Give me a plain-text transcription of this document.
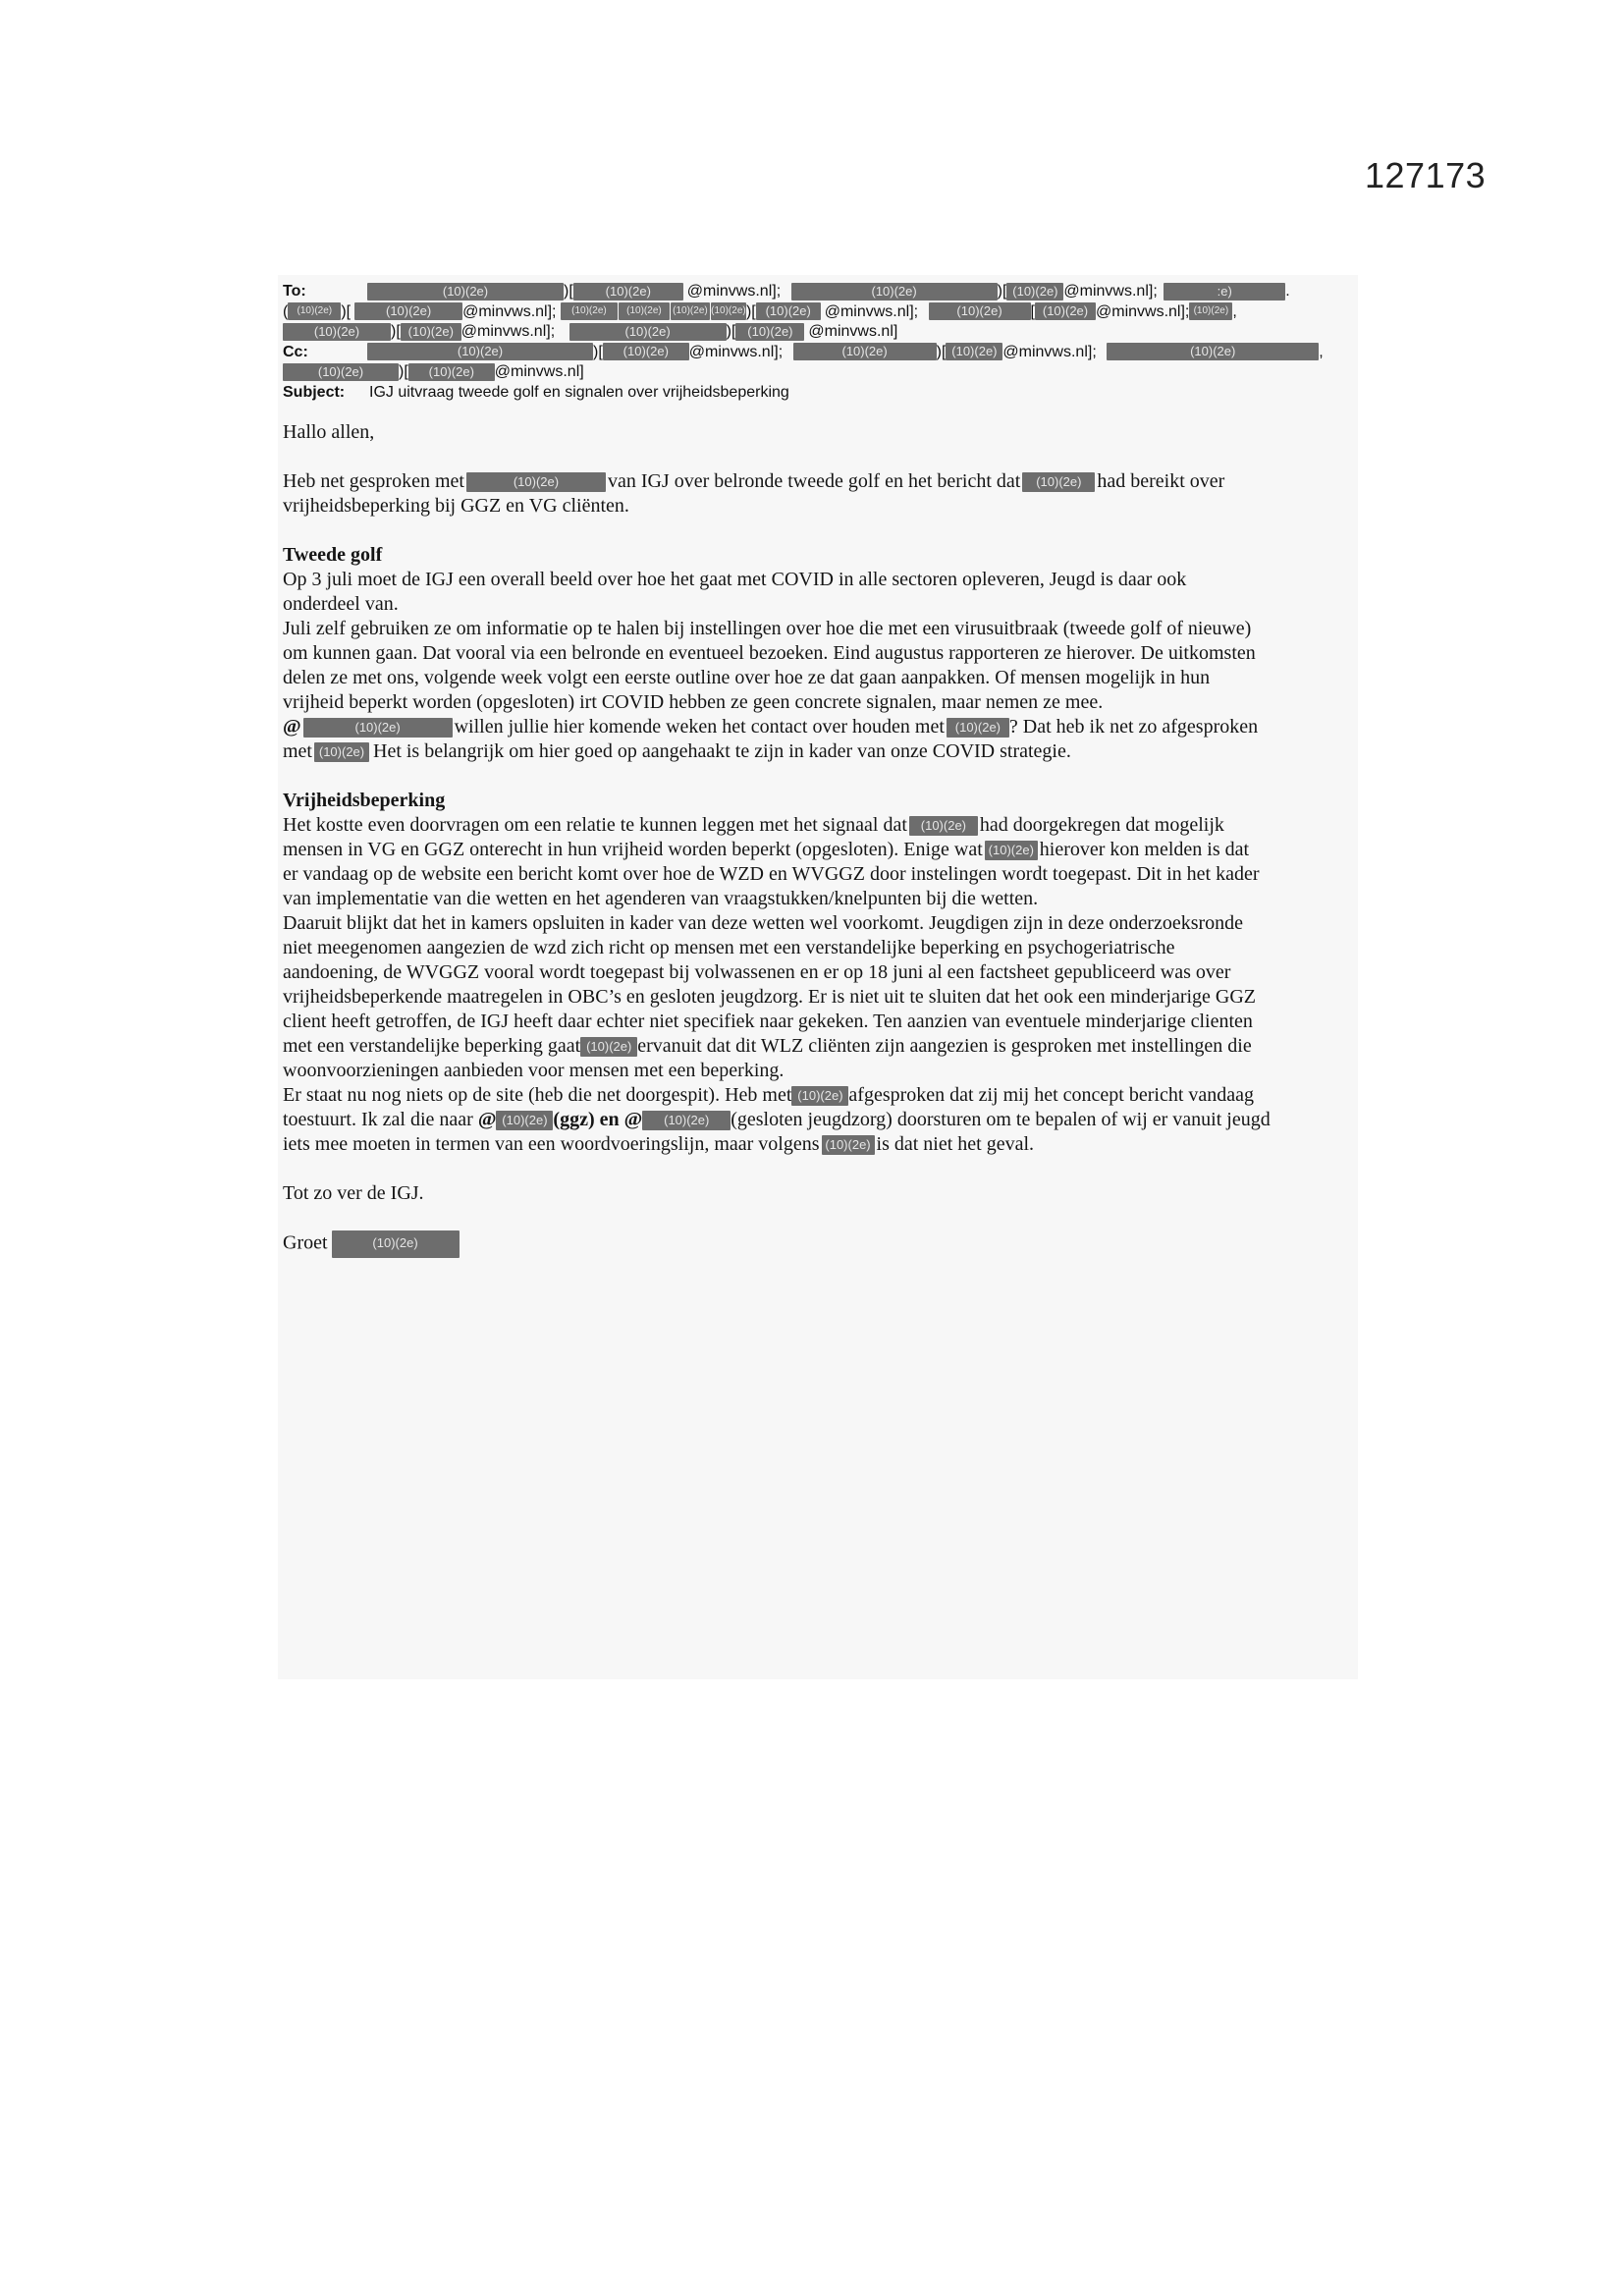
127173
To:	(10)(2e)	)[	(10)(2e) @minvws.nl];	(10)(2e)	)[ (10)(2e) @minvws.nl];	:e)	.
( (10)(2e) )[	(10)(2e) @minvws.nl]; (10)(2e) (10)(2e) (10)(2e) (10)(2e))[ (10)(2e) @minvws.nl];	(10)(2e) [ (10)(2e) @minvws.nl]; (10)(2e) ,
(10)(2e) )[ (10)(2e) @minvws.nl];	(10)(2e)	)[ (10)(2e) @minvws.nl]
Cc:	(10)(2e)	)[ (10)(2e) @minvws.nl];	(10)(2e)	)[ (10)(2e) @minvws.nl];	(10)(2e)	,
(10)(2e) )[ (10)(2e) @minvws.nl]
Subject: IGJ uitvraag tweede golf en signalen over vrijheidsbeperking

Hallo allen,

Heb net gesproken met	(10)(2e) van IGJ over belronde tweede golf en het bericht dat (10)(2e) had bereikt over

vrijheidsbeperking bij GGZ en VG cliënten.

Tweede golf

Op 3 juli moet de IGJ een overall beeld over hoe het gaat met COVID in alle sectoren opleveren, Jeugd is daar ook

onderdeel van.

Juli zelf gebruiken ze om informatie op te halen bij instellingen over hoe die met een virusuitbraak (tweede golf of nieuwe)

om kunnen gaan. Dat vooral via een belronde en eventueel bezoeken. Eind augustus rapporteren ze hierover. De uitkomsten

delen ze met ons, volgende week volgt een eerste outline over hoe ze dat gaan aanpakken. Of mensen mogelijk in hun

vrijheid beperkt worden (opgesloten) irt COVID hebben ze geen concrete signalen, maar nemen ze mee.

@	(10)(2e)	willen jullie hier komende weken het contact over houden met (10)(2e) ? Dat heb ik net zo afgesproken

met (10)(2e) Het is belangrijk om hier goed op aangehaakt te zijn in kader van onze COVID strategie.

Vrijheidsbeperking

Het kostte even doorvragen om een relatie te kunnen leggen met het signaal dat (10)(2e) had doorgekregen dat mogelijk

mensen in VG en GGZ onterecht in hun vrijheid worden beperkt (opgesloten). Enige wat (10)(2e) hierover kon melden is dat

er vandaag op de website een bericht komt over hoe de WZD en WVGGZ door instelingen wordt toegepast. Dit in het kader

van implementatie van die wetten en het agenderen van vraagstukken/knelpunten bij die wetten.

Daaruit blijkt dat het in kamers opsluiten in kader van deze wetten wel voorkomt. Jeugdigen zijn in deze onderzoeksronde

niet meegenomen aangezien de wzd zich richt op mensen met een verstandelijke beperking en psychogeriatrische

aandoening, de WVGGZ vooral wordt toegepast bij volwassenen en er op 18 juni al een factsheet gepubliceerd was over

vrijheidsbeperkende maatregelen in OBC’s en gesloten jeugdzorg. Er is niet uit te sluiten dat het ook een minderjarige GGZ

client heeft getroffen, de IGJ heeft daar echter niet specifiek naar gekeken. Ten aanzien van eventuele minderjarige clienten

met een verstandelijke beperking gaat (10)(2e) ervanuit dat dit WLZ cliënten zijn aangezien is gesproken met instellingen die

woonvoorzieningen aanbieden voor mensen met een beperking.

Er staat nu nog niets op de site (heb die net doorgespit). Heb met (10)(2e) afgesproken dat zij mij het concept bericht vandaag

toestuurt. Ik zal die naar @ (10)(2e) (ggz) en @ (10)(2e) (gesloten jeugdzorg) doorsturen om te bepalen of wij er vanuit jeugd

iets mee moeten in termen van een woordvoeringslijn, maar volgens (10)(2e) is dat niet het geval.

Tot zo ver de IGJ.

Groet	(10)(2e)
